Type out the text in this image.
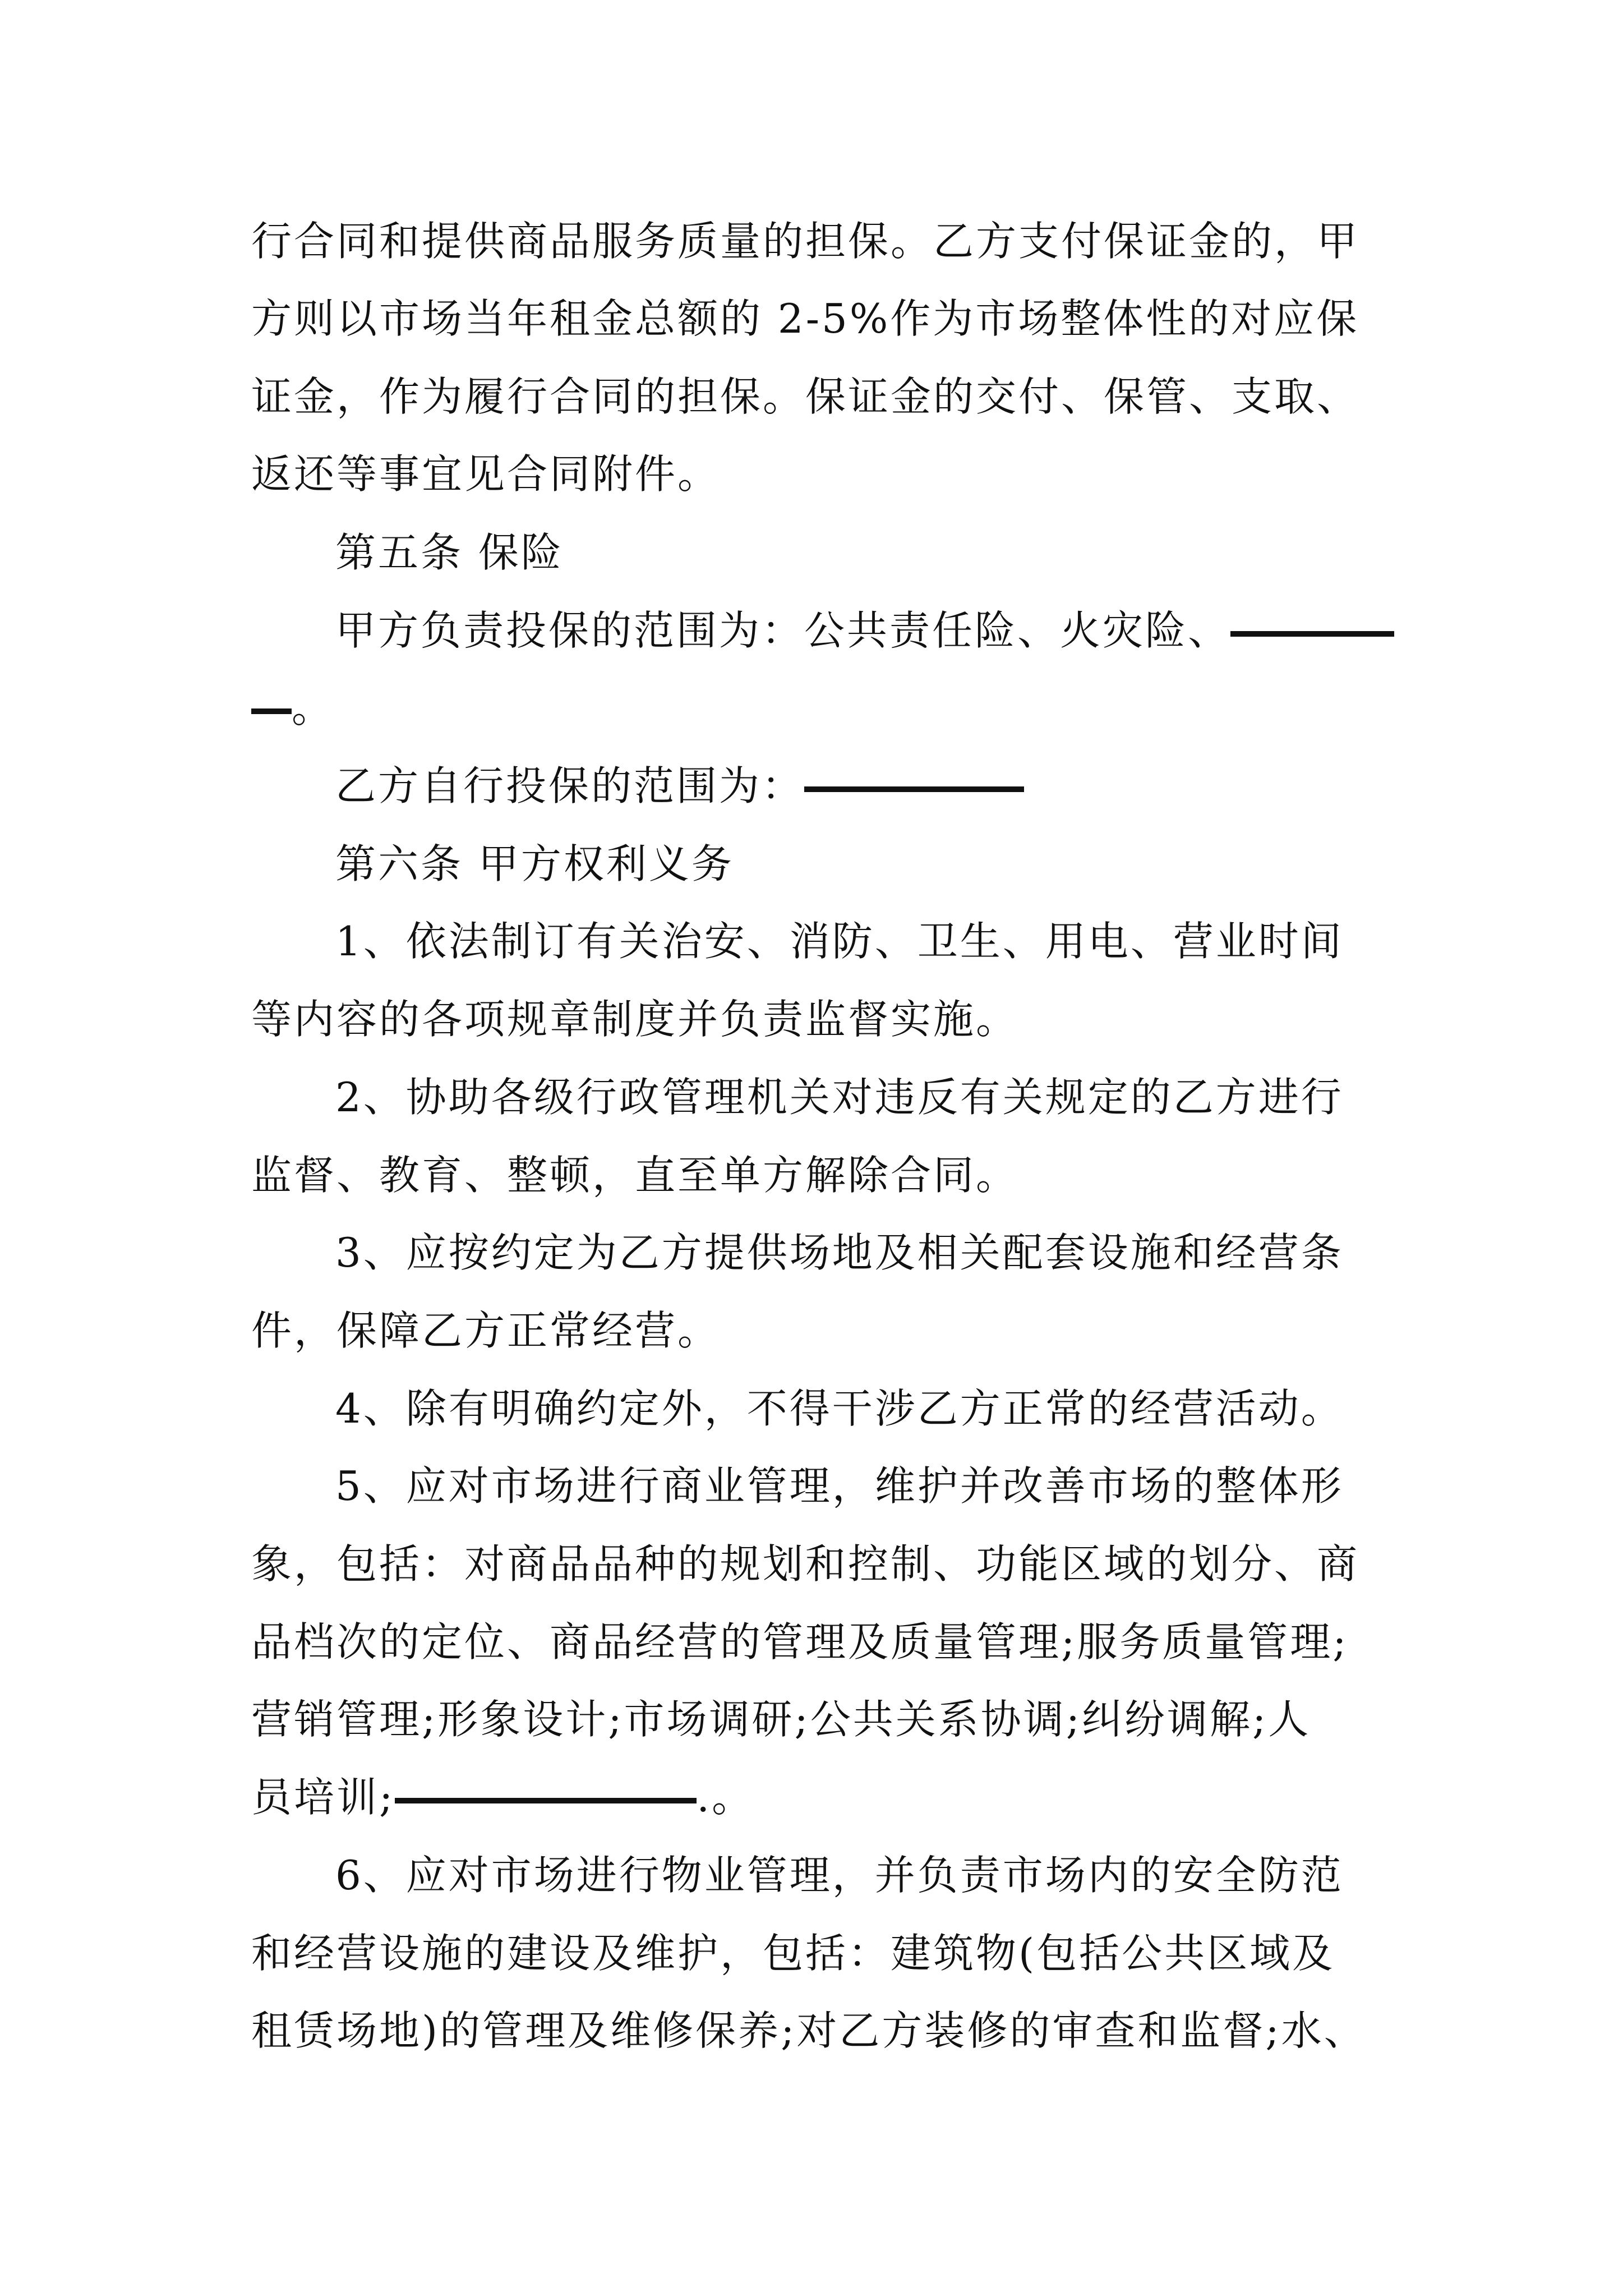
行合同和提供商品服务质量的担保。乙方支付保证金的，甲
方则以市场当年租金总额的 2-5%作为市场整体性的对应保
证金，作为履行合同的担保。保证金的交付、保管、支取、
返还等事宜见合同附件。
第五条 保险
甲方负责投保的范围为：公共责任险、火灾险、
。
乙方自行投保的范围为：
第六条 甲方权利义务
1、依法制订有关治安、消防、卫生、用电、营业时间
等内容的各项规章制度并负责监督实施。
2、协助各级行政管理机关对违反有关规定的乙方进行
监督、教育、整顿，直至单方解除合同。
3、应按约定为乙方提供场地及相关配套设施和经营条
件，保障乙方正常经营。
4、除有明确约定外，不得干涉乙方正常的经营活动。
5、应对市场进行商业管理，维护并改善市场的整体形
象，包括：对商品品种的规划和控制、功能区域的划分、商
品档次的定位、商品经营的管理及质量管理;服务质量管理;
营销管理;形象设计;市场调研;公共关系协调;纠纷调解;人
员培训;	.。
6、应对市场进行物业管理，并负责市场内的安全防范
和经营设施的建设及维护，包括：建筑物(包括公共区域及
租赁场地)的管理及维修保养;对乙方装修的审查和监督;水、
